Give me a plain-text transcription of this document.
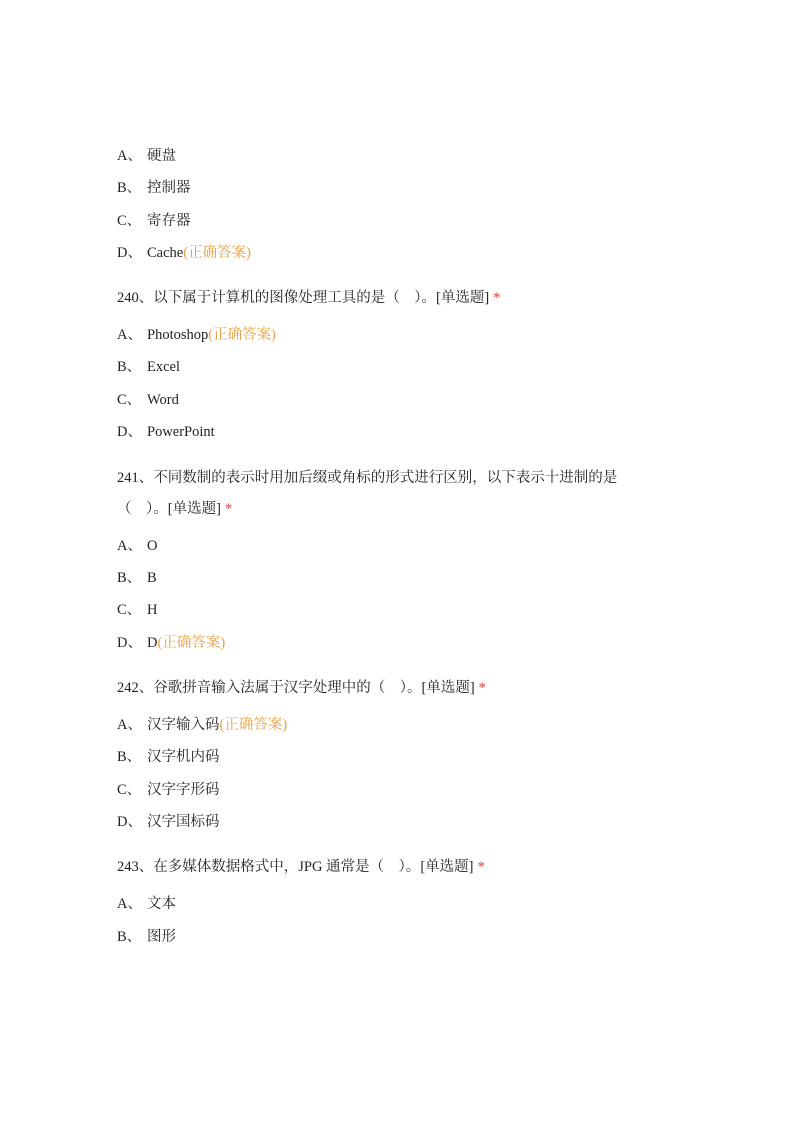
A、 硬盘
B、 控制器
C、 寄存器
D、 Cache(正确答案)
240、以下属于计算机的图像处理工具的是（　）。[单选题] *
A、 Photoshop(正确答案)
B、 Excel
C、 Word
D、 PowerPoint
241、不同数制的表示时用加后缀或角标的形式进行区别，以下表示十进制的是
（　）。[单选题] *
A、 O
B、 B
C、 H
D、 D(正确答案)
242、谷歌拼音输入法属于汉字处理中的（　）。[单选题] *
A、 汉字输入码(正确答案)
B、 汉字机内码
C、 汉字字形码
D、 汉字国标码
243、在多媒体数据格式中，JPG 通常是（　）。[单选题] *
A、 文本
B、 图形
